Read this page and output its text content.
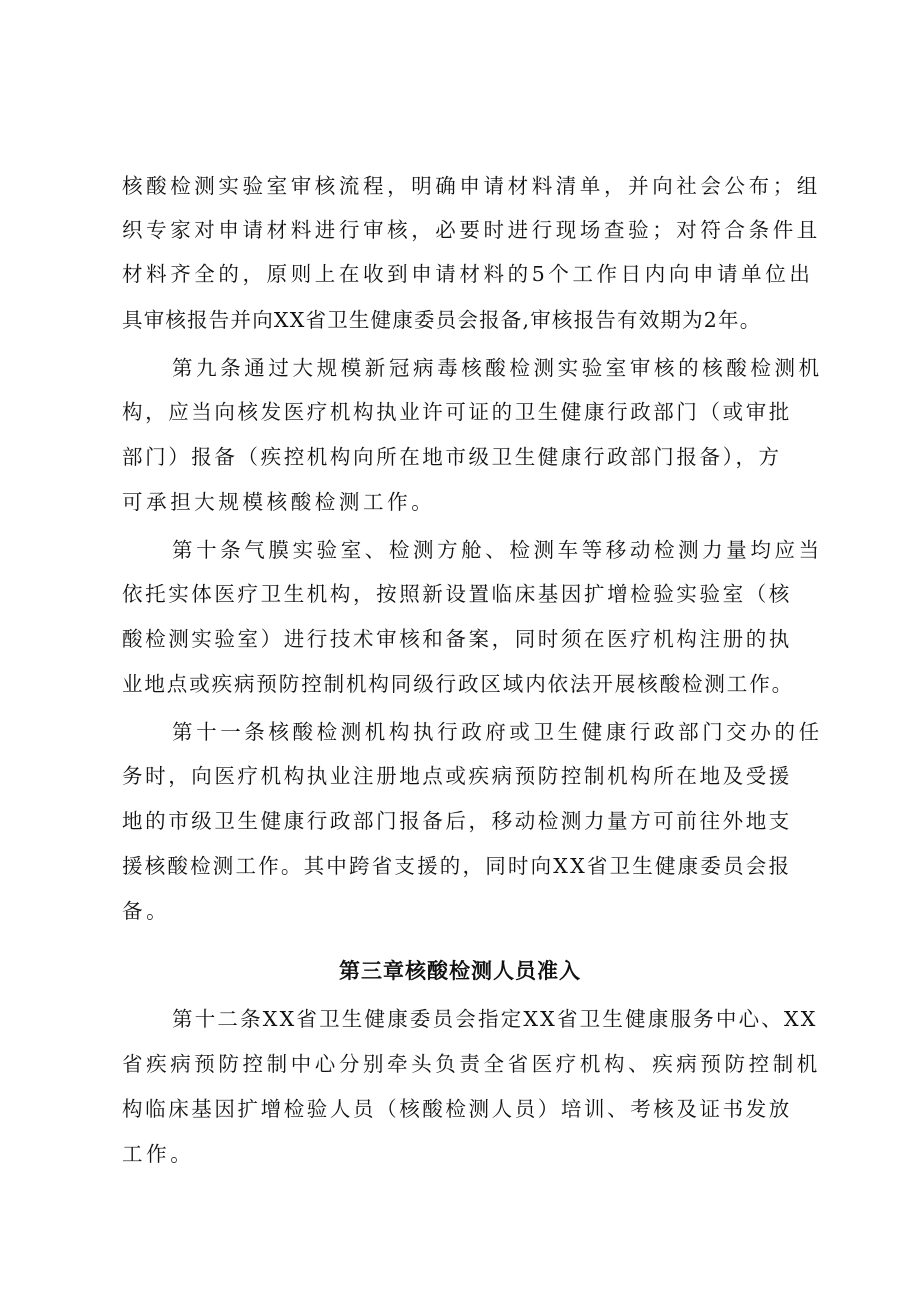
核酸检测实验室审核流程，明确申请材料清单，并向社会公布；组
织专家对申请材料进行审核，必要时进行现场查验；对符合条件且
材料齐全的，原则上在收到申请材料的5个工作日内向申请单位出
具审核报告并向XX省卫生健康委员会报备,审核报告有效期为2年。
第九条通过大规模新冠病毒核酸检测实验室审核的核酸检测机
构，应当向核发医疗机构执业许可证的卫生健康行政部门（或审批
部门）报备（疾控机构向所在地市级卫生健康行政部门报备），方
可承担大规模核酸检测工作。
第十条气膜实验室、检测方舱、检测车等移动检测力量均应当
依托实体医疗卫生机构，按照新设置临床基因扩增检验实验室（核
酸检测实验室）进行技术审核和备案，同时须在医疗机构注册的执
业地点或疾病预防控制机构同级行政区域内依法开展核酸检测工作。
第十一条核酸检测机构执行政府或卫生健康行政部门交办的任
务时，向医疗机构执业注册地点或疾病预防控制机构所在地及受援
地的市级卫生健康行政部门报备后，移动检测力量方可前往外地支
援核酸检测工作。其中跨省支援的，同时向XX省卫生健康委员会报
备。
第三章核酸检测人员准入
第十二条XX省卫生健康委员会指定XX省卫生健康服务中心、XX
省疾病预防控制中心分别牵头负责全省医疗机构、疾病预防控制机
构临床基因扩增检验人员（核酸检测人员）培训、考核及证书发放
工作。
